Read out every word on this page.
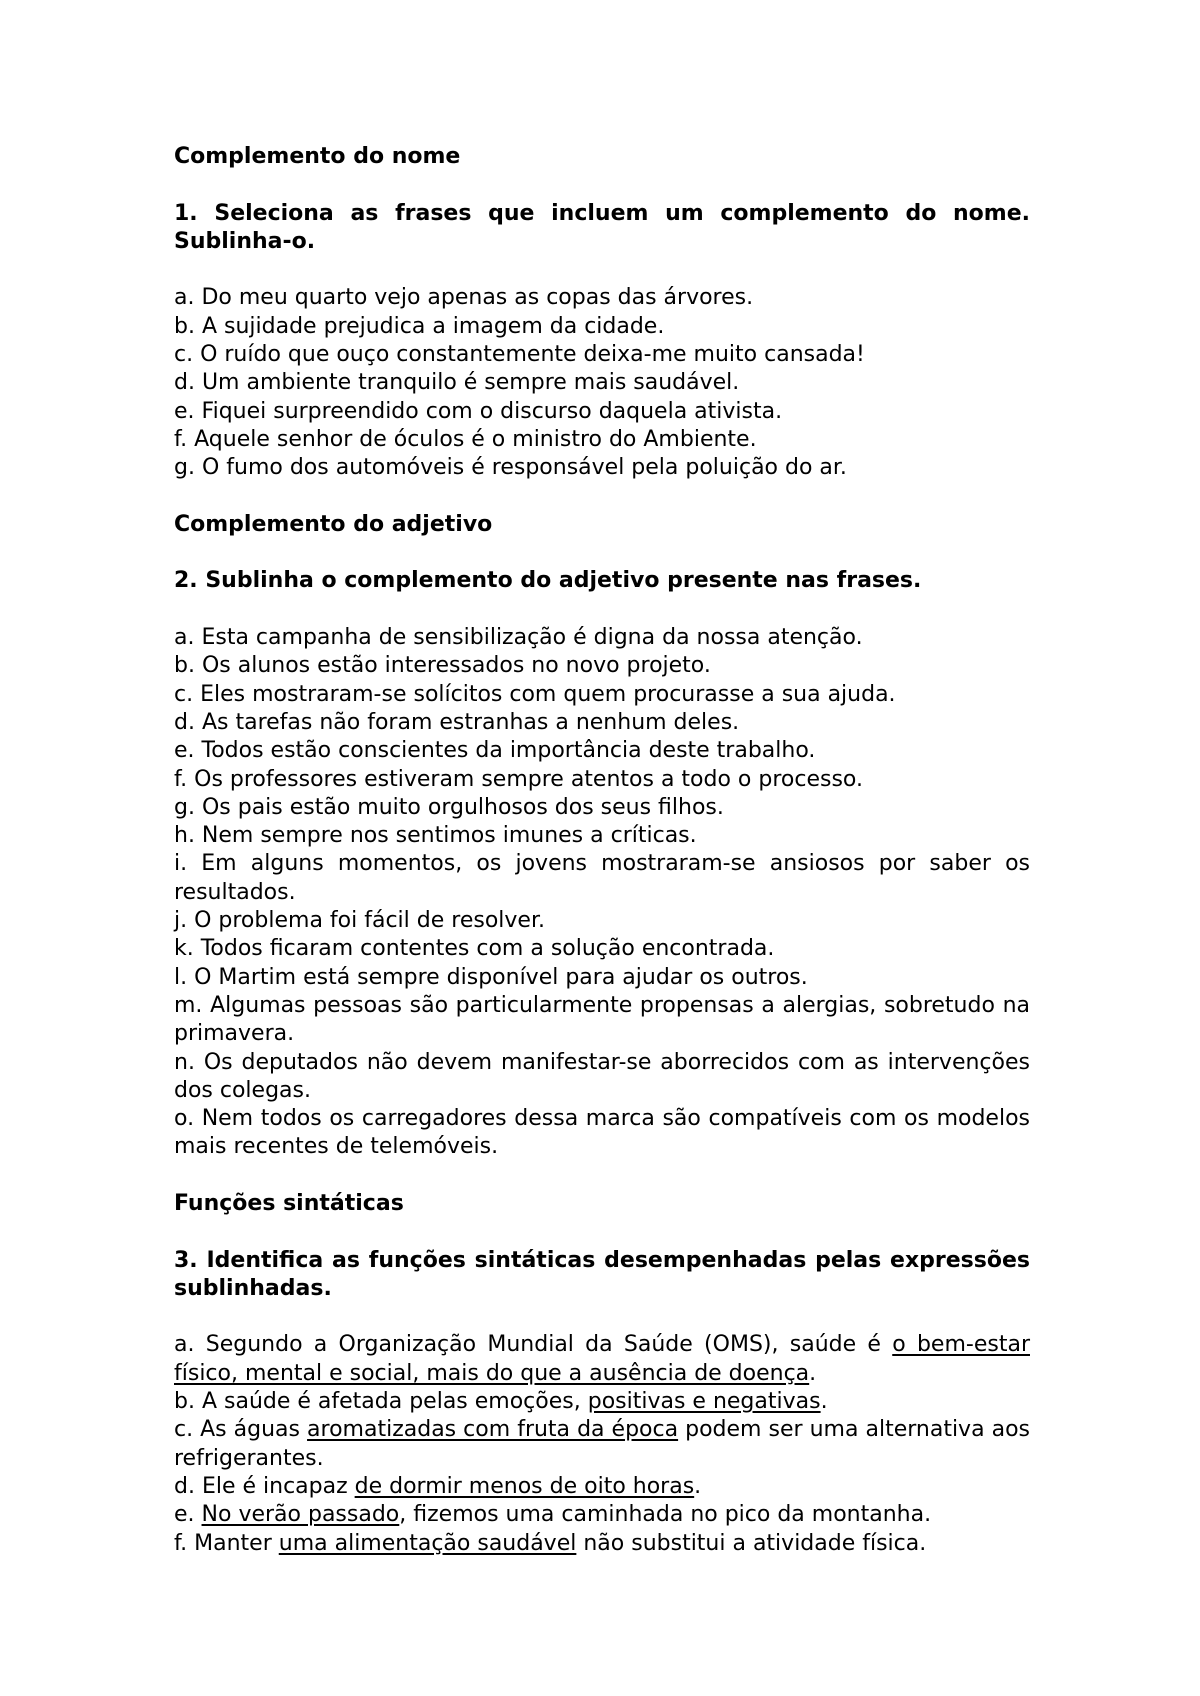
Complemento do nome
1. Seleciona as frases que incluem um complemento do nome. Sublinha-o.
a. Do meu quarto vejo apenas as copas das árvores.
b. A sujidade prejudica a imagem da cidade.
c. O ruído que ouço constantemente deixa-me muito cansada!
d. Um ambiente tranquilo é sempre mais saudável.
e. Fiquei surpreendido com o discurso daquela ativista.
f. Aquele senhor de óculos é o ministro do Ambiente.
g. O fumo dos automóveis é responsável pela poluição do ar.
Complemento do adjetivo
2. Sublinha o complemento do adjetivo presente nas frases.
a. Esta campanha de sensibilização é digna da nossa atenção.
b. Os alunos estão interessados no novo projeto.
c. Eles mostraram-se solícitos com quem procurasse a sua ajuda.
d. As tarefas não foram estranhas a nenhum deles.
e. Todos estão conscientes da importância deste trabalho.
f. Os professores estiveram sempre atentos a todo o processo.
g. Os pais estão muito orgulhosos dos seus filhos.
h. Nem sempre nos sentimos imunes a críticas.
i. Em alguns momentos, os jovens mostraram-se ansiosos por saber os resultados.
j. O problema foi fácil de resolver.
k. Todos ficaram contentes com a solução encontrada.
l. O Martim está sempre disponível para ajudar os outros.
m. Algumas pessoas são particularmente propensas a alergias, sobretudo na primavera.
n. Os deputados não devem manifestar-se aborrecidos com as intervenções dos colegas.
o. Nem todos os carregadores dessa marca são compatíveis com os modelos mais recentes de telemóveis.
Funções sintáticas
3. Identifica as funções sintáticas desempenhadas pelas expressões sublinhadas.
a. Segundo a Organização Mundial da Saúde (OMS), saúde é o bem-estar físico, mental e social, mais do que a ausência de doença.
b. A saúde é afetada pelas emoções, positivas e negativas.
c. As águas aromatizadas com fruta da época podem ser uma alternativa aos refrigerantes.
d. Ele é incapaz de dormir menos de oito horas.
e. No verão passado, fizemos uma caminhada no pico da montanha.
f. Manter uma alimentação saudável não substitui a atividade física.
